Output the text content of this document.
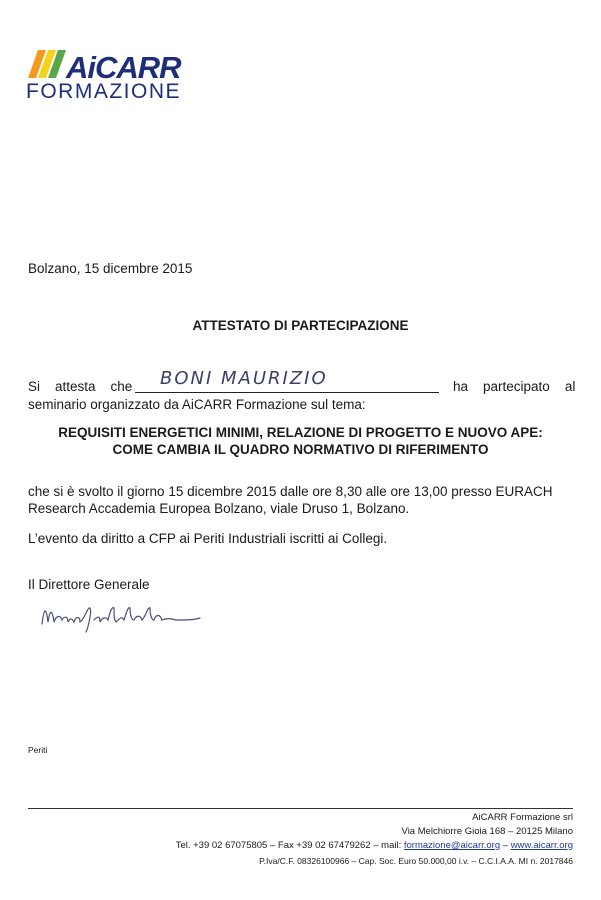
AiCARR
FORMAZIONE
Bolzano, 15 dicembre 2015
ATTESTATO DI PARTECIPAZIONE
Si    attesta    che BONI MAURIZIO	ha    partecipato    al
seminario organizzato da AiCARR Formazione sul tema:
REQUISITI ENERGETICI MINIMI, RELAZIONE DI PROGETTO E NUOVO APE:
COME CAMBIA IL QUADRO NORMATIVO DI RIFERIMENTO
che si è svolto il giorno 15 dicembre 2015 dalle ore 8,30 alle ore 13,00 presso EURACH
Research Accademia Europea Bolzano, viale Druso 1, Bolzano.
L’evento da diritto a CFP ai Periti Industriali iscritti ai Collegi.
Il Direttore Generale
Periti
AiCARR Formazione srl
Via Melchiorre Gioia 168 – 20125 Milano
Tel. +39 02 67075805 – Fax +39 02 67479262 – mail: formazione@aicarr.org – www.aicarr.org
P.Iva/C.F. 08326100966 – Cap. Soc. Euro 50.000,00 i.v. – C.C.I.A.A. MI n. 2017846
